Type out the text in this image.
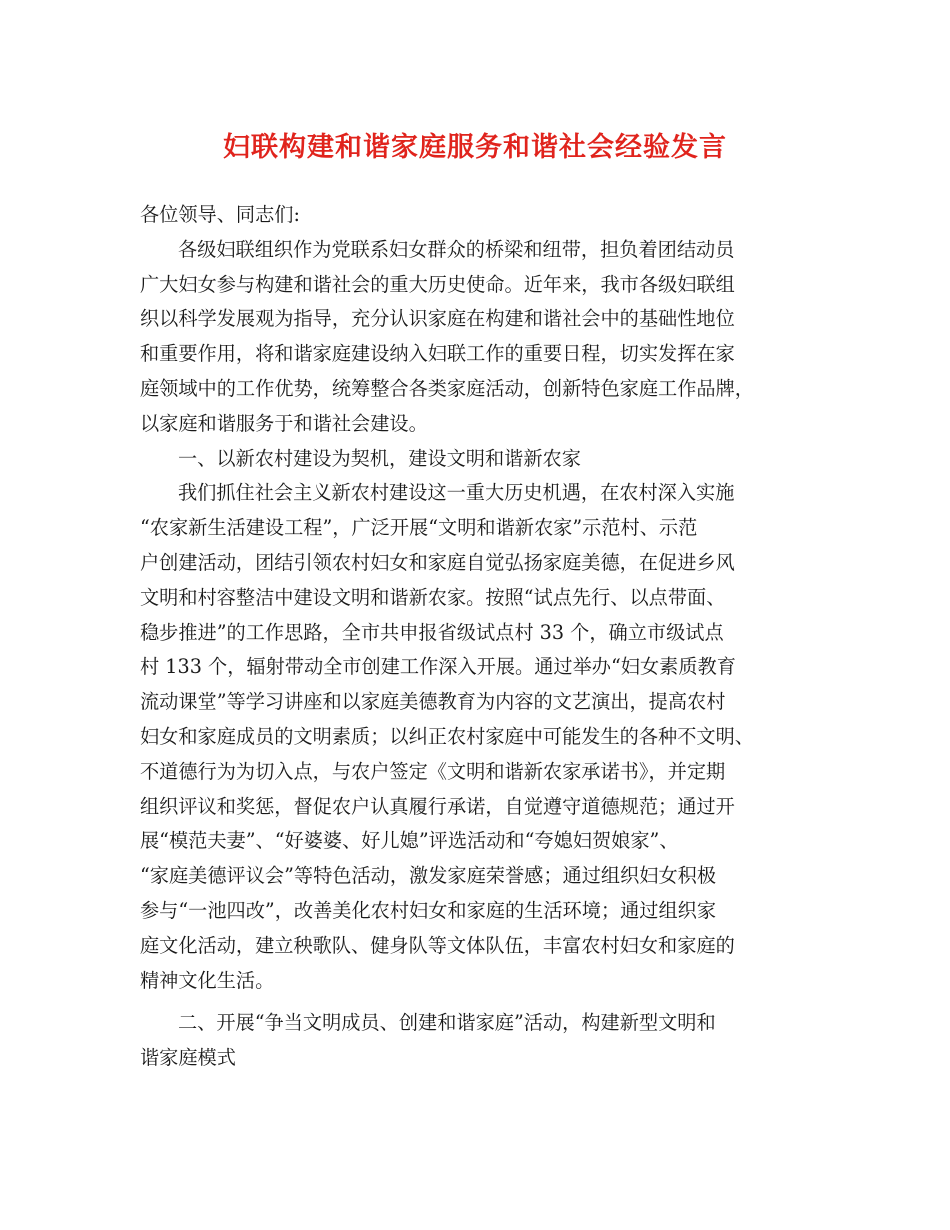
妇联构建和谐家庭服务和谐社会经验发言
各位领导、同志们:
各级妇联组织作为党联系妇女群众的桥梁和纽带，担负着团结动员
广大妇女参与构建和谐社会的重大历史使命。近年来，我市各级妇联组
织以科学发展观为指导，充分认识家庭在构建和谐社会中的基础性地位
和重要作用，将和谐家庭建设纳入妇联工作的重要日程，切实发挥在家
庭领域中的工作优势，统筹整合各类家庭活动，创新特色家庭工作品牌，
以家庭和谐服务于和谐社会建设。
一、以新农村建设为契机，建设文明和谐新农家
我们抓住社会主义新农村建设这一重大历史机遇，在农村深入实施
“农家新生活建设工程”，广泛开展“文明和谐新农家”示范村、示范
户创建活动，团结引领农村妇女和家庭自觉弘扬家庭美德，在促进乡风
文明和村容整洁中建设文明和谐新农家。按照“试点先行、以点带面、
稳步推进”的工作思路，全市共申报省级试点村 33 个，确立市级试点
村 133 个，辐射带动全市创建工作深入开展。通过举办“妇女素质教育
流动课堂”等学习讲座和以家庭美德教育为内容的文艺演出，提高农村
妇女和家庭成员的文明素质；以纠正农村家庭中可能发生的各种不文明、
不道德行为为切入点，与农户签定《文明和谐新农家承诺书》，并定期
组织评议和奖惩，督促农户认真履行承诺，自觉遵守道德规范；通过开
展“模范夫妻”、“好婆婆、好儿媳”评选活动和“夸媳妇贺娘家”、
“家庭美德评议会”等特色活动，激发家庭荣誉感；通过组织妇女积极
参与“一池四改”，改善美化农村妇女和家庭的生活环境；通过组织家
庭文化活动，建立秧歌队、健身队等文体队伍，丰富农村妇女和家庭的
精神文化生活。
二、开展“争当文明成员、创建和谐家庭”活动，构建新型文明和
谐家庭模式
